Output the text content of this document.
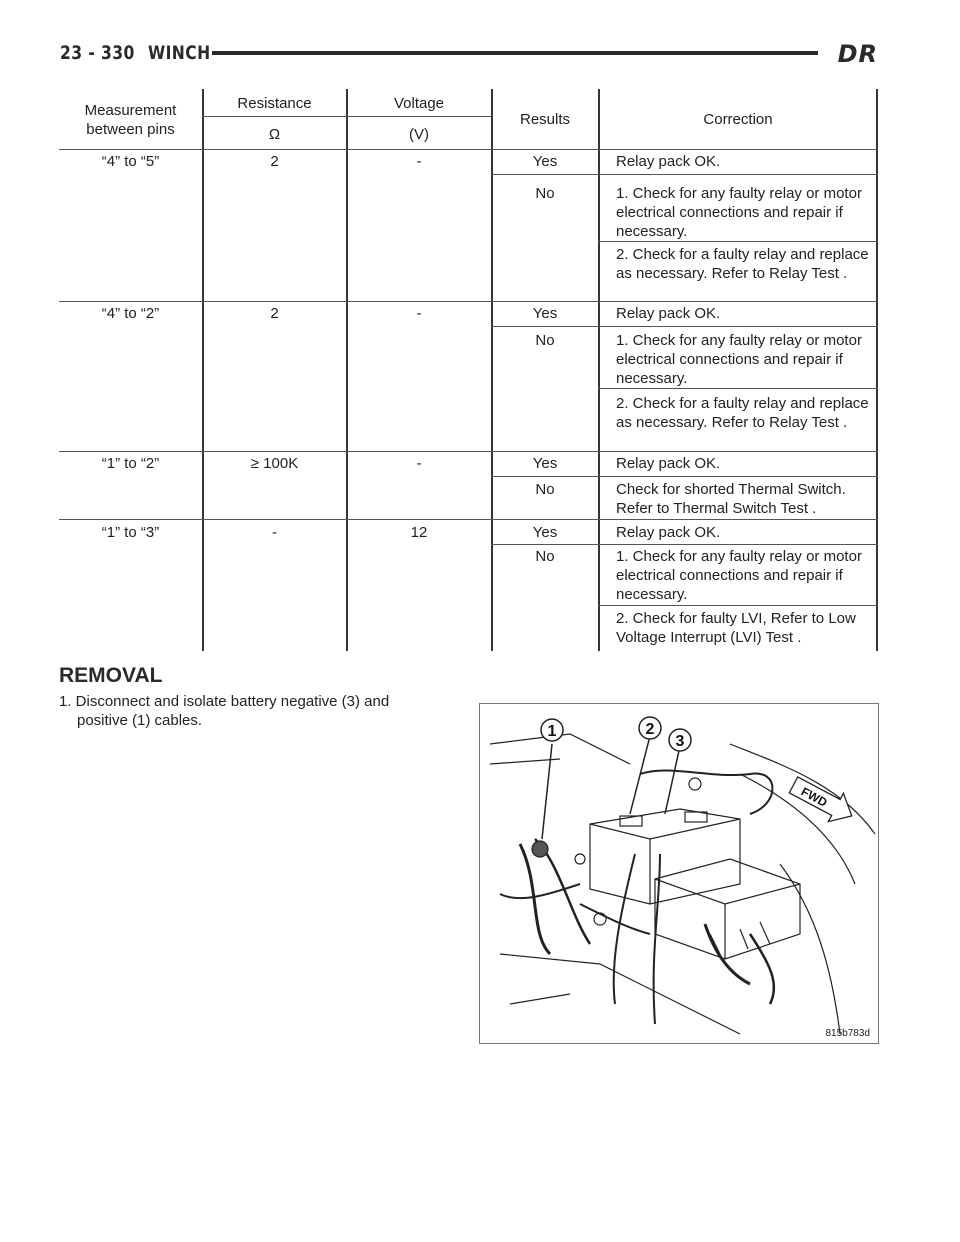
23 - 330 WINCH	DR
Measurement between pins
Resistance	Voltage
Ω	(V)
Results	Correction
“4” to “5”	2	-	Yes	Relay pack OK.
No	1. Check for any faulty relay or motor electrical connections and repair if necessary.
2. Check for a faulty relay and replace as necessary. Refer to Relay Test .
“4” to “2”	2	-	Yes	Relay pack OK.
No	1. Check for any faulty relay or motor electrical connections and repair if necessary.
2. Check for a faulty relay and replace as necessary. Refer to Relay Test .
“1” to “2”	≥ 100K	-	Yes	Relay pack OK.
No	Check for shorted Thermal Switch. Refer to Thermal Switch Test .
“1” to “3”	-	12	Yes	Relay pack OK.
No	1. Check for any faulty relay or motor electrical connections and repair if necessary.
2. Check for faulty LVI, Refer to Low Voltage Interrupt (LVI) Test .
REMOVAL
1. Disconnect and isolate battery negative (3) and
positive (1) cables.
1	2
3
FWD
815b783d
